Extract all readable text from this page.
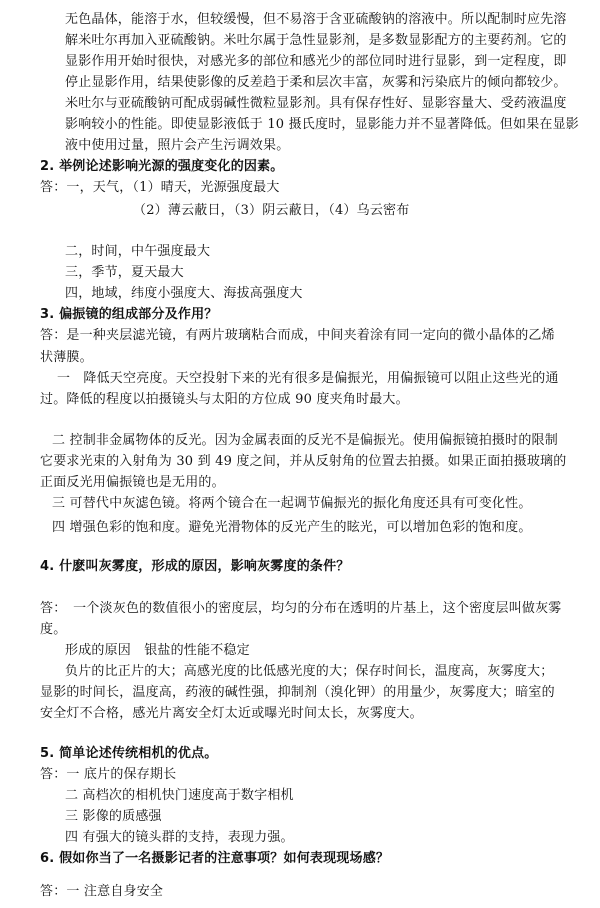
无色晶体，能溶于水，但较缓慢，但不易溶于含亚硫酸钠的溶液中。所以配制时应先溶
解米吐尔再加入亚硫酸钠。米吐尔属于急性显影剂，是多数显影配方的主要药剂。它的
显影作用开始时很快，对感光多的部位和感光少的部位同时进行显影，到一定程度，即
停止显影作用，结果使影像的反差趋于柔和层次丰富，灰雾和污染底片的倾向都较少。
米吐尔与亚硫酸钠可配成弱碱性微粒显影剂。具有保存性好、显影容量大、受药液温度
影响较小的性能。即使显影液低于 10 摄氏度时，显影能力并不显著降低。但如果在显影
液中使用过量，照片会产生污调效果。
2. 举例论述影响光源的强度变化的因素。
答：一，天气，（1）晴天，光源强度最大
（2）薄云蔽日，（3）阴云蔽日，（4）乌云密布
二，时间，中午强度最大
三，季节，夏天最大
四，地域，纬度小强度大、海拔高强度大
3. 偏振镜的组成部分及作用？
答：是一种夹层滤光镜，有两片玻璃粘合而成，中间夹着涂有同一定向的微小晶体的乙烯
状薄膜。
一　降低天空亮度。天空投射下来的光有很多是偏振光，用偏振镜可以阻止这些光的通
过。降低的程度以拍摄镜头与太阳的方位成 90 度夹角时最大。
二 控制非金属物体的反光。因为金属表面的反光不是偏振光。使用偏振镜拍摄时的限制
它要求光束的入射角为 30 到 49 度之间，并从反射角的位置去拍摄。如果正面拍摄玻璃的
正面反光用偏振镜也是无用的。
三 可替代中灰滤色镜。将两个镜合在一起调节偏振光的振化角度还具有可变化性。
四 增强色彩的饱和度。避免光滑物体的反光产生的眩光，可以增加色彩的饱和度。
4. 什麽叫灰雾度，形成的原因，影响灰雾度的条件？
答：　一个淡灰色的数值很小的密度层，均匀的分布在透明的片基上，这个密度层叫做灰雾
度。
形成的原因　银盐的性能不稳定
负片的比正片的大；高感光度的比低感光度的大；保存时间长，温度高，灰雾度大；
显影的时间长，温度高，药液的碱性强，抑制剂（溴化钾）的用量少，灰雾度大；暗室的
安全灯不合格，感光片离安全灯太近或曝光时间太长，灰雾度大。
5. 简单论述传统相机的优点。
答：一 底片的保存期长
二 高档次的相机快门速度高于数字相机
三 影像的质感强
四 有强大的镜头群的支持，表现力强。
6. 假如你当了一名摄影记者的注意事项？如何表现现场感？
答：一 注意自身安全
